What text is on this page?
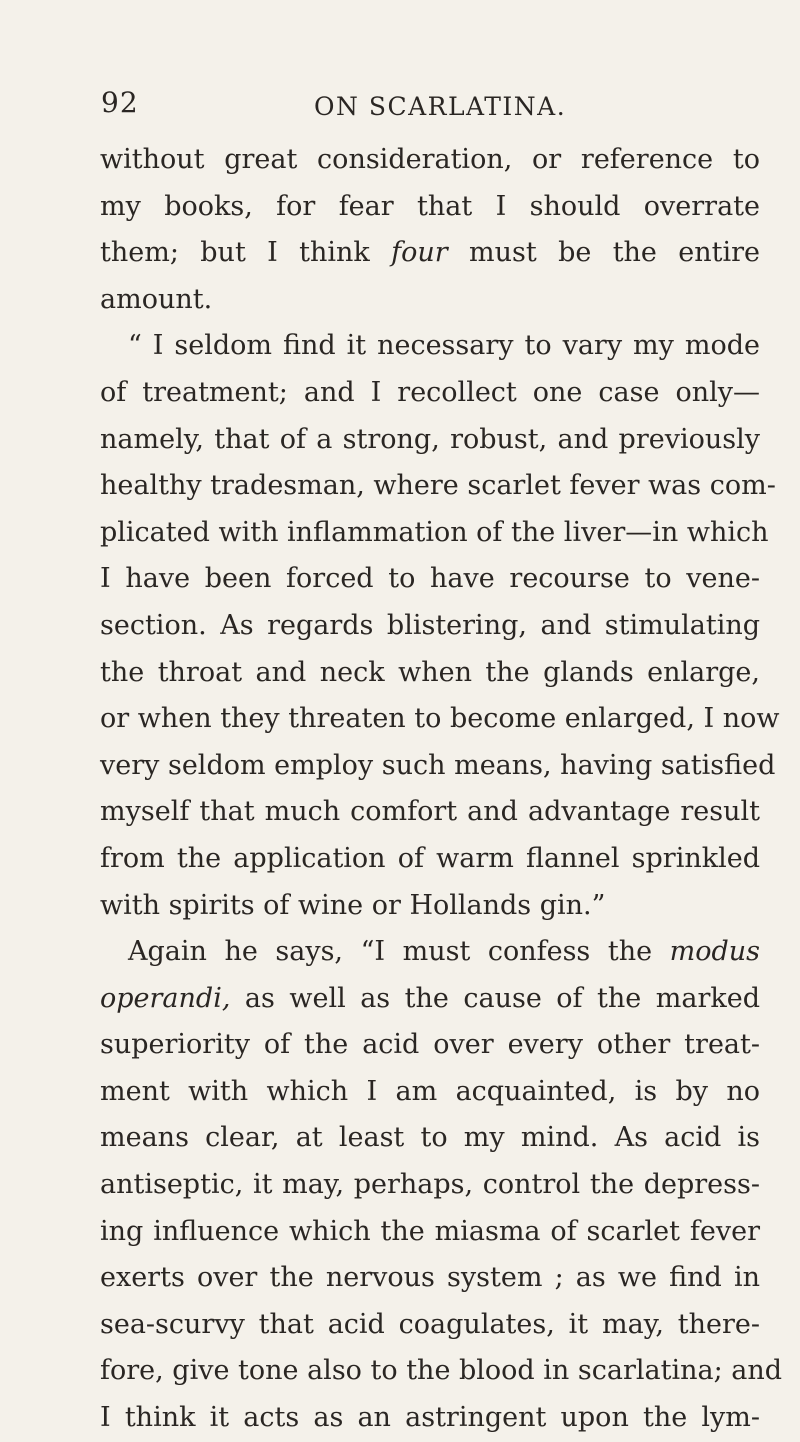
92	ON SCARLATINA.
without great consideration, or reference to
my books, for fear that I should overrate
them; but I think four must be the entire
amount.
“ I seldom find it necessary to vary my mode
of treatment; and I recollect one case only—
namely, that of a strong, robust, and previously
healthy tradesman, where scarlet fever was com-
plicated with inflammation of the liver—in which
I have been forced to have recourse to vene-
section. As regards blistering, and stimulating
the throat and neck when the glands enlarge,
or when they threaten to become enlarged, I now
very seldom employ such means, having satisfied
myself that much comfort and advantage result
from the application of warm flannel sprinkled
with spirits of wine or Hollands gin.”
Again he says, “I must confess the modus
operandi, as well as the cause of the marked
superiority of the acid over every other treat-
ment with which I am acquainted, is by no
means clear, at least to my mind. As acid is
antiseptic, it may, perhaps, control the depress-
ing influence which the miasma of scarlet fever
exerts over the nervous system ; as we find in
sea-scurvy that acid coagulates, it may, there-
fore, give tone also to the blood in scarlatina; and
I think it acts as an astringent upon the lym-
